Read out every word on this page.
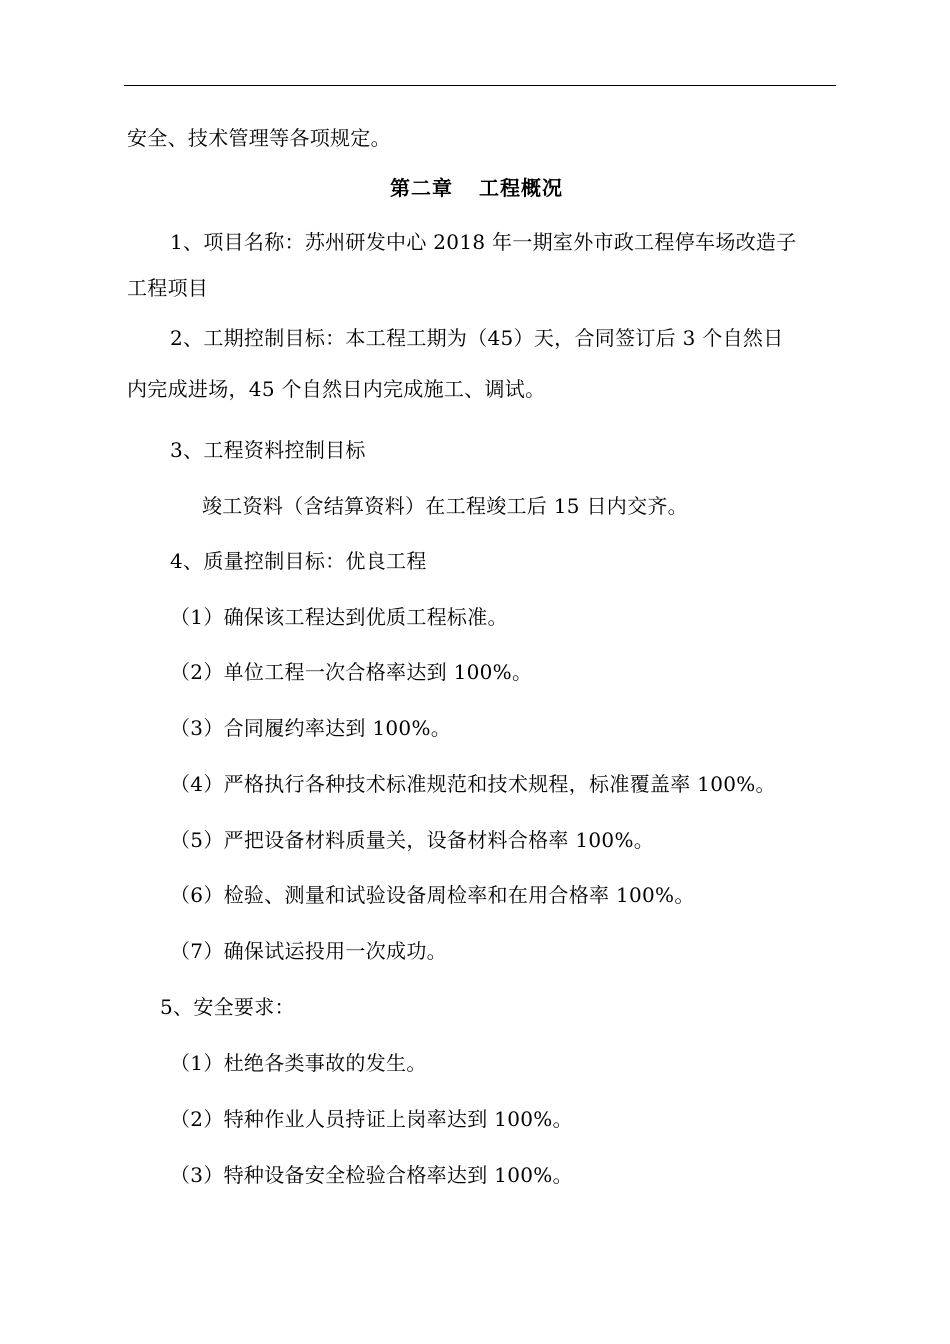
安全、技术管理等各项规定。
第二章 工程概况
1、项目名称：苏州研发中心 2018 年一期室外市政工程停车场改造子
工程项目
2、工期控制目标：本工程工期为（45）天，合同签订后 3 个自然日
内完成进场，45 个自然日内完成施工、调试。
3、工程资料控制目标
竣工资料（含结算资料）在工程竣工后 15 日内交齐。
4、质量控制目标：优良工程
（1）确保该工程达到优质工程标准。
（2）单位工程一次合格率达到 100%。
（3）合同履约率达到 100%。
（4）严格执行各种技术标准规范和技术规程，标准覆盖率 100%。
（5）严把设备材料质量关，设备材料合格率 100%。
（6）检验、测量和试验设备周检率和在用合格率 100%。
（7）确保试运投用一次成功。
5、安全要求：
（1）杜绝各类事故的发生。
（2）特种作业人员持证上岗率达到 100%。
（3）特种设备安全检验合格率达到 100%。
